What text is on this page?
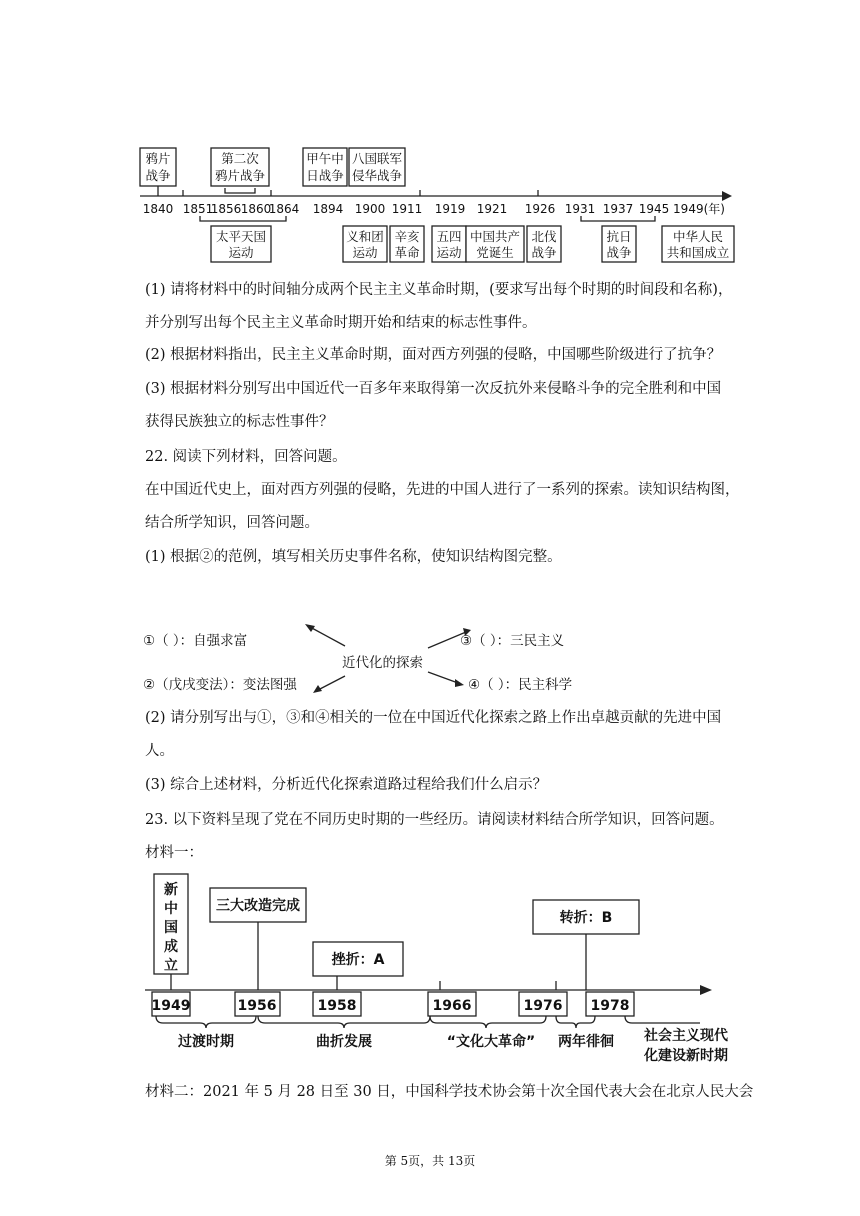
鸦片
战争
第二次
鸦片战争
甲午中
日战争
八国联军
侵华战争
1840 1851
1856 1860
1864 1894 1900 1911 1919 1921 1926 1931 1937 1945 1949(年)
太平天国
运动
义和团
运动
辛亥
革命
五四
运动
中国共产
党诞生
北伐
战争
抗日
战争
中华人民
共和国成立
(1) 请将材料中的时间轴分成两个民主主义革命时期，(要求写出每个时期的时间段和名称)，
并分别写出每个民主主义革命时期开始和结束的标志性事件。
(2) 根据材料指出，民主主义革命时期，面对西方列强的侵略，中国哪些阶级进行了抗争？
(3) 根据材料分别写出中国近代一百多年来取得第一次反抗外来侵略斗争的完全胜利和中国
获得民族独立的标志性事件？
22. 阅读下列材料，回答问题。
在中国近代史上，面对西方列强的侵略，先进的中国人进行了一系列的探索。读知识结构图，
结合所学知识，回答问题。
(1) 根据②的范例，填写相关历史事件名称，使知识结构图完整。
①（ ）：自强求富
②（戊戌变法）：变法图强
③（ ）：三民主义
④（ ）：民主科学
近代化的探索
(2) 请分别写出与①，③和④相关的一位在中国近代化探索之路上作出卓越贡献的先进中国
人。
(3) 综合上述材料，分析近代化探索道路过程给我们什么启示？
23. 以下资料呈现了党在不同历史时期的一些经历。请阅读材料结合所学知识，回答问题。
材料一：
新
中
国
成
立
三大改造完成
挫折：A
转折：B
1949	1956	1958	1966	1976 1978
过渡时期	曲折发展	“文化大革命” 两年徘徊 社会主义现代
化建设新时期
材料二：2021 年 5 月 28 日至 30 日，中国科学技术协会第十次全国代表大会在北京人民大会
第 5页，共 13页
